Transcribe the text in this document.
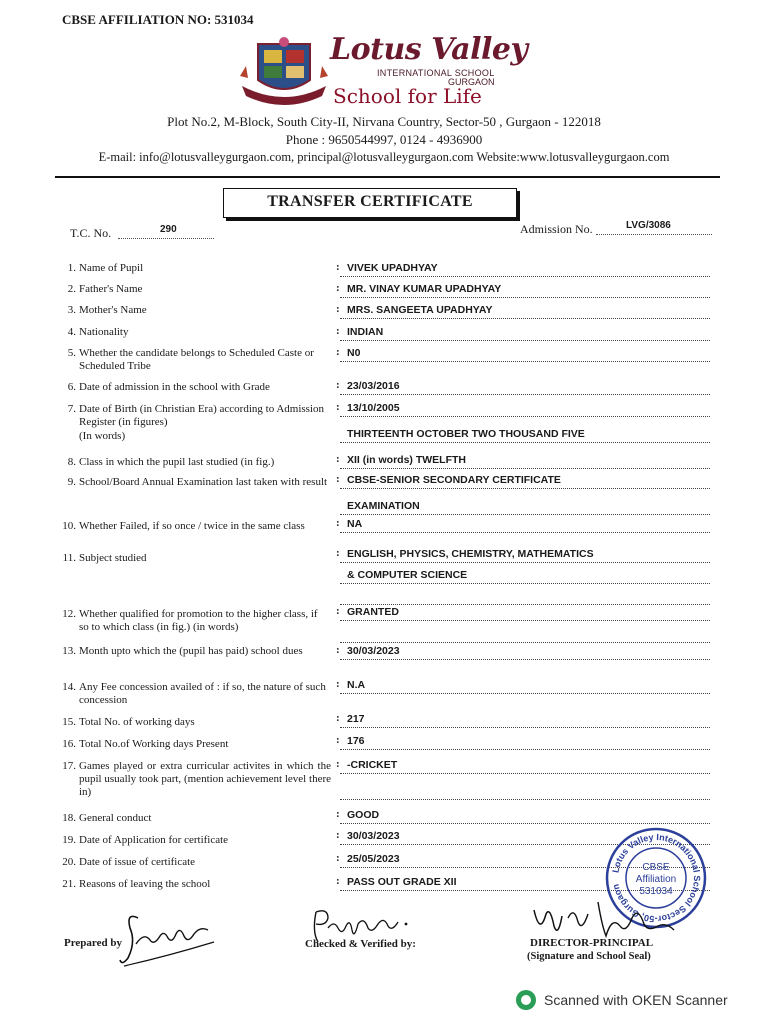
CBSE AFFILIATION NO: 531034
Lotus Valley
INTERNATIONAL SCHOOL
GURGAON
School for Life
Plot No.2, M-Block, South City-II, Nirvana Country, Sector-50 , Gurgaon - 122018
Phone : 9650544997, 0124 - 4936900
E-mail: info@lotusvalleygurgaon.com, principal@lotusvalleygurgaon.com Website:www.lotusvalleygurgaon.com
TRANSFER CERTIFICATE
T.C. No.	290	Admission No.	LVG/3086
1. Name of Pupil	: VIVEK UPADHYAY
2. Father's Name	: MR. VINAY KUMAR UPADHYAY
3. Mother's Name	: MRS. SANGEETA UPADHYAY
4. Nationality	: INDIAN
5. Whether the candidate belongs to Scheduled Caste or Scheduled Tribe
: N0
6. Date of admission in the school with Grade	: 23/03/2016
7. Date of Birth (in Christian Era) according to Admission Register (in figures)
(In words)
: 13/10/2005
THIRTEENTH OCTOBER TWO THOUSAND FIVE
8. Class in which the pupil last studied (in fig.)	: XII (in words) TWELFTH
9. School/Board Annual Examination last taken with result : CBSE-SENIOR SECONDARY CERTIFICATE
EXAMINATION
10. Whether Failed, if so once / twice in the same class	: NA
11. Subject studied	: ENGLISH, PHYSICS, CHEMISTRY, MATHEMATICS
& COMPUTER SCIENCE
12. Whether qualified for promotion to the higher class, if so to which class (in fig.) (in words)
: GRANTED
13. Month upto which the (pupil has paid) school dues	: 30/03/2023
14. Any Fee concession availed of : if so, the nature of such concession
: N.A
15. Total No. of working days	: 217
16. Total No.of Working days Present	: 176
17. Games played or extra curricular activites in which the pupil usually took part, (mention achievement level there in)
: -CRICKET
18. General conduct	: GOOD
19. Date of Application for certificate	: 30/03/2023
20. Date of issue of certificate	: 25/05/2023
21. Reasons of leaving the school	: PASS OUT GRADE XII
Lotus Valley International School Sector-50, Gurgaon
CBSE
Affiliation
531034
Prepared by	Checked & Verified by:	DIRECTOR-PRINCIPAL
(Signature and School Seal)
Scanned with OKEN Scanner
